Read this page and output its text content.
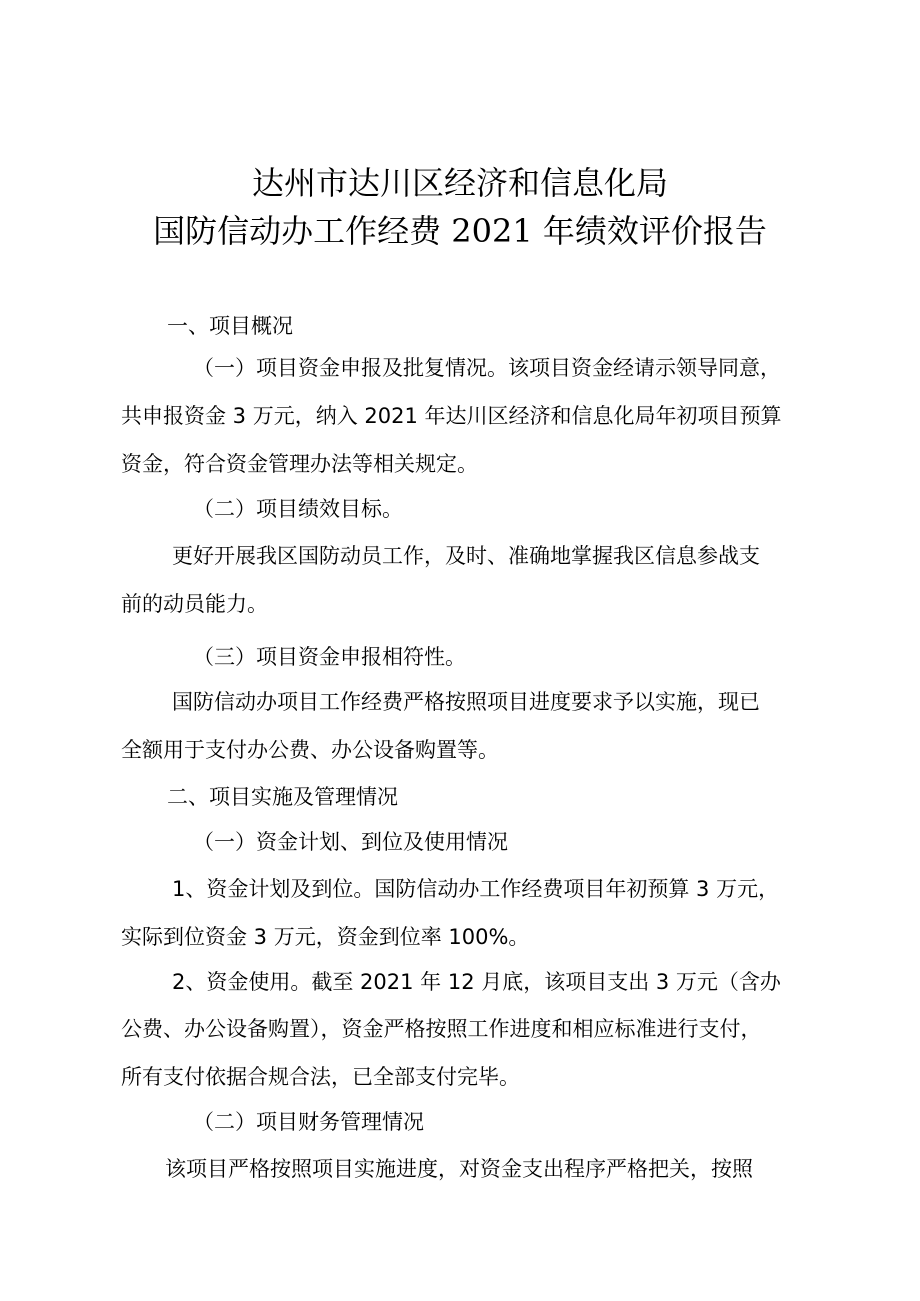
达州市达川区经济和信息化局
国防信动办工作经费 2021 年绩效评价报告
一、项目概况
（一）项目资金申报及批复情况。该项目资金经请示领导同意，
共申报资金 3 万元，纳入 2021 年达川区经济和信息化局年初项目预算
资金，符合资金管理办法等相关规定。
（二）项目绩效目标。
更好开展我区国防动员工作，及时、准确地掌握我区信息参战支
前的动员能力。
（三）项目资金申报相符性。
国防信动办项目工作经费严格按照项目进度要求予以实施，现已
全额用于支付办公费、办公设备购置等。
二、项目实施及管理情况
（一）资金计划、到位及使用情况
1、资金计划及到位。国防信动办工作经费项目年初预算 3 万元，
实际到位资金 3 万元，资金到位率 100%。
2、资金使用。截至 2021 年 12 月底，该项目支出 3 万元（含办
公费、办公设备购置），资金严格按照工作进度和相应标准进行支付，
所有支付依据合规合法，已全部支付完毕。
（二）项目财务管理情况
该项目严格按照项目实施进度，对资金支出程序严格把关，按照
